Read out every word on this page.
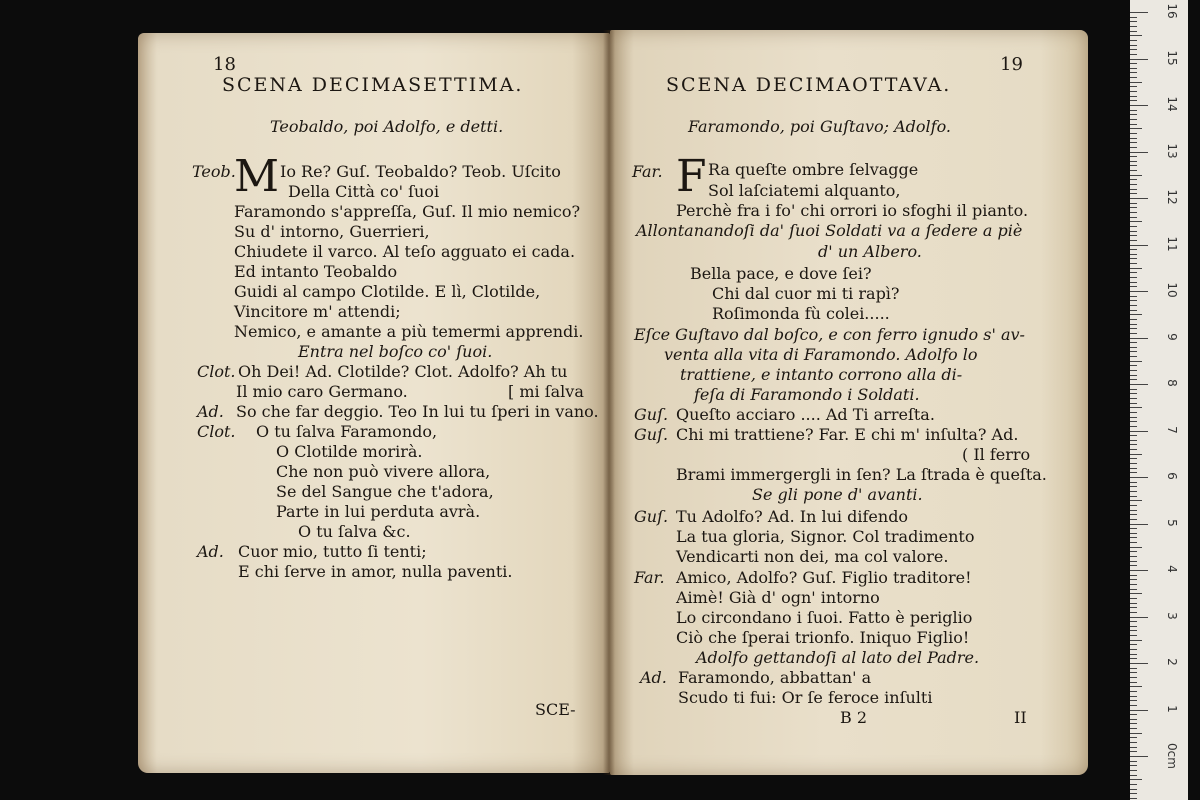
18
SCENA DECIMASETTIMA.
Teobaldo, poi Adolfo, e detti.
Teob.
M Io Re? Guſ. Teobaldo? Teob. Uſcito
Della Città co' ſuoi
Faramondo s'appreſſa, Guſ. Il mio nemico?
Su d' intorno, Guerrieri,
Chiudete il varco. Al teſo agguato ei cada.
Ed intanto Teobaldo
Guidi al campo Clotilde. E lì, Clotilde,
Vincitore m' attendi;
Nemico, e amante a più temermi apprendi.
Entra nel boſco co' ſuoi.
Clot. Oh Dei! Ad. Clotilde? Clot. Adolfo? Ah tu
Il mio caro Germano.	[ mi ſalva
Ad. So che far deggio. Teo In lui tu ſperi in vano.
Clot. O tu ſalva Faramondo,
O Clotilde morirà.
Che non può vivere allora,
Se del Sangue che t'adora,
Parte in lui perduta avrà.
O tu ſalva &c.
Ad. Cuor mio, tutto ſi tenti;
E chi ſerve in amor, nulla paventi.
SCE-
19
SCENA DECIMAOTTAVA.
Faramondo, poi Guſtavo; Adolfo.
Far. F Ra queſte ombre ſelvagge
Sol laſciatemi alquanto,
Perchè fra i fo' chi orrori io sfoghi il pianto.
Allontanandoſi da' ſuoi Soldati va a ſedere a piè
d' un Albero.
Bella pace, e dove ſei?
Chi dal cuor mi ti rapì?
Roſimonda fù colei.....
Eſce Guſtavo dal boſco, e con ferro ignudo s' av-
venta alla vita di Faramondo. Adolfo lo
trattiene, e intanto corrono alla di-
feſa di Faramondo i Soldati.
Guſ. Queſto acciaro .... Ad Ti arreſta.
Guſ. Chi mi trattiene? Far. E chi m' inſulta? Ad.
( Il ferro
Brami immergergli in ſen? La ſtrada è queſta.
Se gli pone d' avanti.
Guſ. Tu Adolfo? Ad. In lui difendo
La tua gloria, Signor. Col tradimento
Vendicarti non dei, ma col valore.
Far. Amico, Adolfo? Guſ. Figlio traditore!
Aimè! Già d' ogn' intorno
Lo circondano i ſuoi. Fatto è periglio
Ciò che ſperai trionfo. Iniquo Figlio!
Adolfo gettandoſi al lato del Padre.
Ad. Faramondo, abbattan' a
Scudo ti fui: Or ſe feroce inſulti
B 2	II
16
15
14
13
12
11
10
9
8
7
6
5
4
3
2
1
0cm
